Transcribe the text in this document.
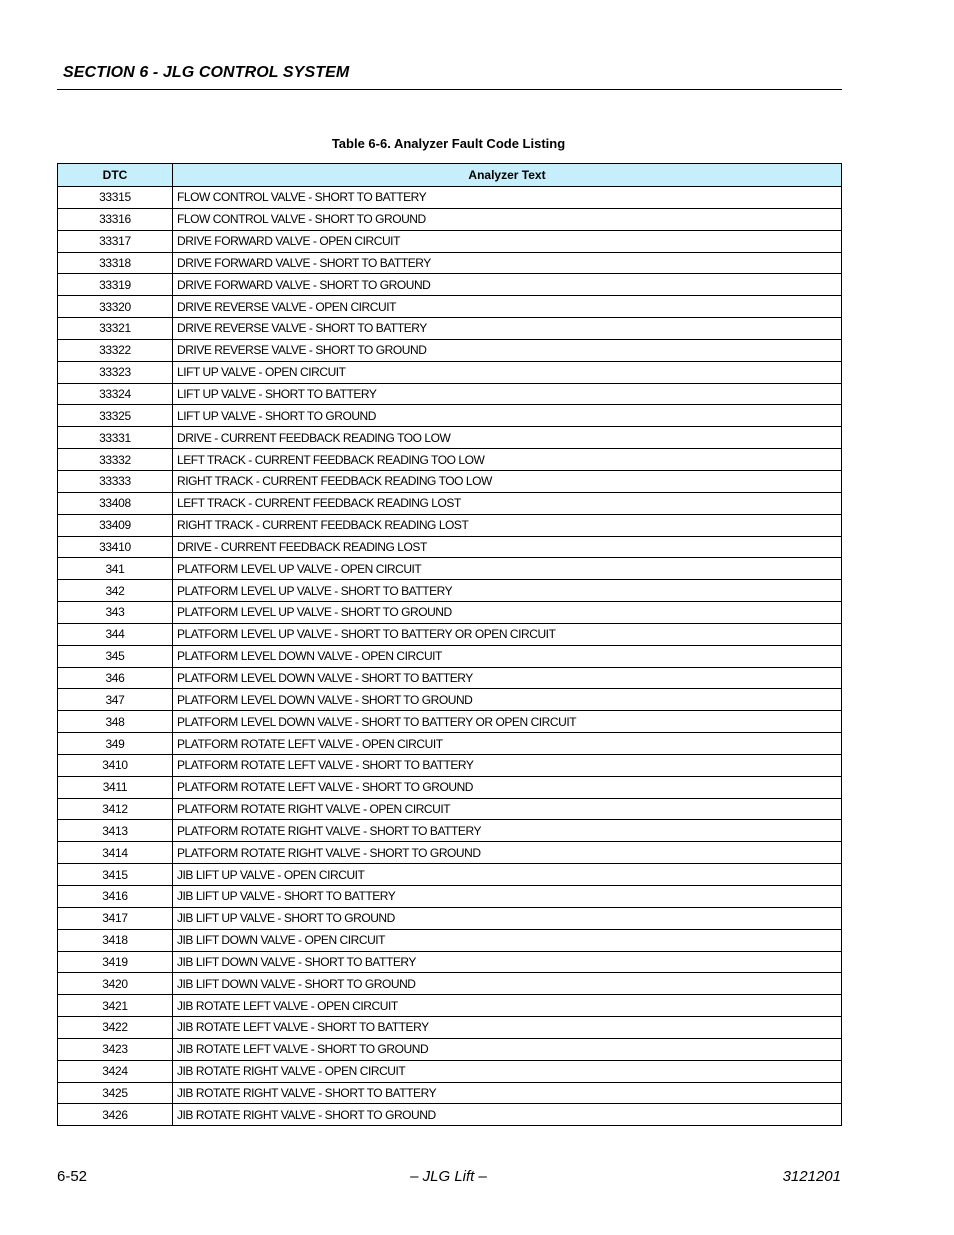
SECTION 6 - JLG CONTROL SYSTEM
Table 6-6. Analyzer Fault Code Listing
DTC	Analyzer Text
33315	FLOW CONTROL VALVE - SHORT TO BATTERY
33316	FLOW CONTROL VALVE - SHORT TO GROUND
33317	DRIVE FORWARD VALVE - OPEN CIRCUIT
33318	DRIVE FORWARD VALVE - SHORT TO BATTERY
33319	DRIVE FORWARD VALVE - SHORT TO GROUND
33320	DRIVE REVERSE VALVE - OPEN CIRCUIT
33321	DRIVE REVERSE VALVE - SHORT TO BATTERY
33322	DRIVE REVERSE VALVE - SHORT TO GROUND
33323	LIFT UP VALVE - OPEN CIRCUIT
33324	LIFT UP VALVE - SHORT TO BATTERY
33325	LIFT UP VALVE - SHORT TO GROUND
33331	DRIVE - CURRENT FEEDBACK READING TOO LOW
33332	LEFT TRACK - CURRENT FEEDBACK READING TOO LOW
33333	RIGHT TRACK - CURRENT FEEDBACK READING TOO LOW
33408	LEFT TRACK - CURRENT FEEDBACK READING LOST
33409	RIGHT TRACK - CURRENT FEEDBACK READING LOST
33410	DRIVE - CURRENT FEEDBACK READING LOST
341	PLATFORM LEVEL UP VALVE - OPEN CIRCUIT
342	PLATFORM LEVEL UP VALVE - SHORT TO BATTERY
343	PLATFORM LEVEL UP VALVE - SHORT TO GROUND
344	PLATFORM LEVEL UP VALVE - SHORT TO BATTERY OR OPEN CIRCUIT
345	PLATFORM LEVEL DOWN VALVE - OPEN CIRCUIT
346	PLATFORM LEVEL DOWN VALVE - SHORT TO BATTERY
347	PLATFORM LEVEL DOWN VALVE - SHORT TO GROUND
348	PLATFORM LEVEL DOWN VALVE - SHORT TO BATTERY OR OPEN CIRCUIT
349	PLATFORM ROTATE LEFT VALVE - OPEN CIRCUIT
3410	PLATFORM ROTATE LEFT VALVE - SHORT TO BATTERY
3411	PLATFORM ROTATE LEFT VALVE - SHORT TO GROUND
3412	PLATFORM ROTATE RIGHT VALVE - OPEN CIRCUIT
3413	PLATFORM ROTATE RIGHT VALVE - SHORT TO BATTERY
3414	PLATFORM ROTATE RIGHT VALVE - SHORT TO GROUND
3415	JIB LIFT UP VALVE - OPEN CIRCUIT
3416	JIB LIFT UP VALVE - SHORT TO BATTERY
3417	JIB LIFT UP VALVE - SHORT TO GROUND
3418	JIB LIFT DOWN VALVE - OPEN CIRCUIT
3419	JIB LIFT DOWN VALVE - SHORT TO BATTERY
3420	JIB LIFT DOWN VALVE - SHORT TO GROUND
3421	JIB ROTATE LEFT VALVE - OPEN CIRCUIT
3422	JIB ROTATE LEFT VALVE - SHORT TO BATTERY
3423	JIB ROTATE LEFT VALVE - SHORT TO GROUND
3424	JIB ROTATE RIGHT VALVE - OPEN CIRCUIT
3425	JIB ROTATE RIGHT VALVE - SHORT TO BATTERY
3426	JIB ROTATE RIGHT VALVE - SHORT TO GROUND
6-52	– JLG Lift –	3121201
